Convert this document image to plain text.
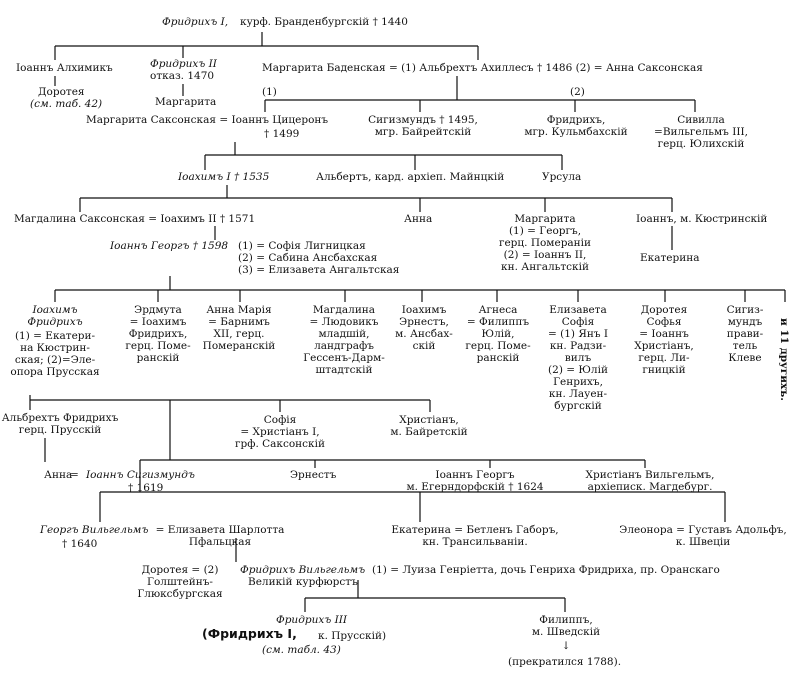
Фридрихъ I, курф. Бранденбургскій † 1440
Іоаннъ Алхимикъ
Доротея
(см. таб. 42)
Фридрихъ II
отказ. 1470
Маргарита
Маргарита Баденская = (1) Альбрехтъ Ахиллесъ † 1486 (2) = Анна Саксонская
(1)	(2)
Маргарита Саксонская = Іоаннъ Цицеронъ
† 1499
Сигизмундъ † 1495,
мгр. Байрейтскій
Фридрихъ,
мгр. Кульмбахскій
Сивилла
=Вильгельмъ III,
герц. Юлихскій
Іоахимъ I † 1535	Альбертъ, кард. архіеп. Майнцкій	Урсула
Магдалина Саксонская = Іоахимъ II † 1571	Анна	Маргарита
(1) = Георгъ,
герц. Померанiи
(2) = Іоаннъ II,
кн. Ангальтскій
Іоаннъ, м. Кюстринскій
Екатерина
Іоаннъ Георгъ † 1598 (1) = Софія Лигницкая
(2) = Сабина Ансбахская
(3) = Елизавета Ангальтская
Іоахимъ
Фридрихъ
(1) = Екатери-
на Кюстрин-
ская; (2)=Эле-
опора Прусская
Эрдмута
= Іоахимъ
Фридрихъ,
герц. Поме-
ранскій
Анна Марія
= Барнимъ
XII, герц.
Померанскій
Магдалина
= Людовикъ
младшій,
ландграфъ
Гессенъ-Дарм-
штадтскій
Іоахимъ
Эрнестъ,
м. Ансбах-
скій
Агнеса
= Филиппъ
Юлій,
герц. Поме-
ранскій
Елизавета
Софія
= (1) Янъ I
кн. Радзи-
вилъ
(2) = Юлій
Генрихъ,
кн. Лауен-
бургскій
Доротея
Софья
= Іоаннъ
Христіанъ,
герц. Ли-
гницкій
Сигиз-
мундъ
прави-
тель
Клеве	и 11 другихъ.
Альбрехтъ Фридрихъ
герц. Прусскій
Софія
= Христіанъ I,
грф. Саксонскій
Христіанъ,
м. Байретскій
Анна
= Іоаннъ Сигизмундъ
† 1619
Эрнестъ	Іоаннъ Георгъ
м. Егерндорфскій † 1624
Христіанъ Вильгельмъ,
архіеписк. Магдебург.
Георгъ Вильгельмъ
† 1640
= Елизавета Шарлотта
Пфальцкая
Екатерина = Бетленъ Габоръ,
кн. Трансильваніи.
Элеонора = Густавъ Адольфъ,
к. Швеціи
Доротея = (2)
Голштейнъ-
Глюксбургская
Фридрихъ Вильгельмъ
Великій курфюрстъ
(1) = Луиза Генріетта, дочь Генриха Фридриха, пр. Оранскаго
Фридрихъ III
(Фридрихъ I, к. Прусскій)
(см. табл. 43)
Филиппъ,
м. Шведскій
↓
(прекратился 1788).
